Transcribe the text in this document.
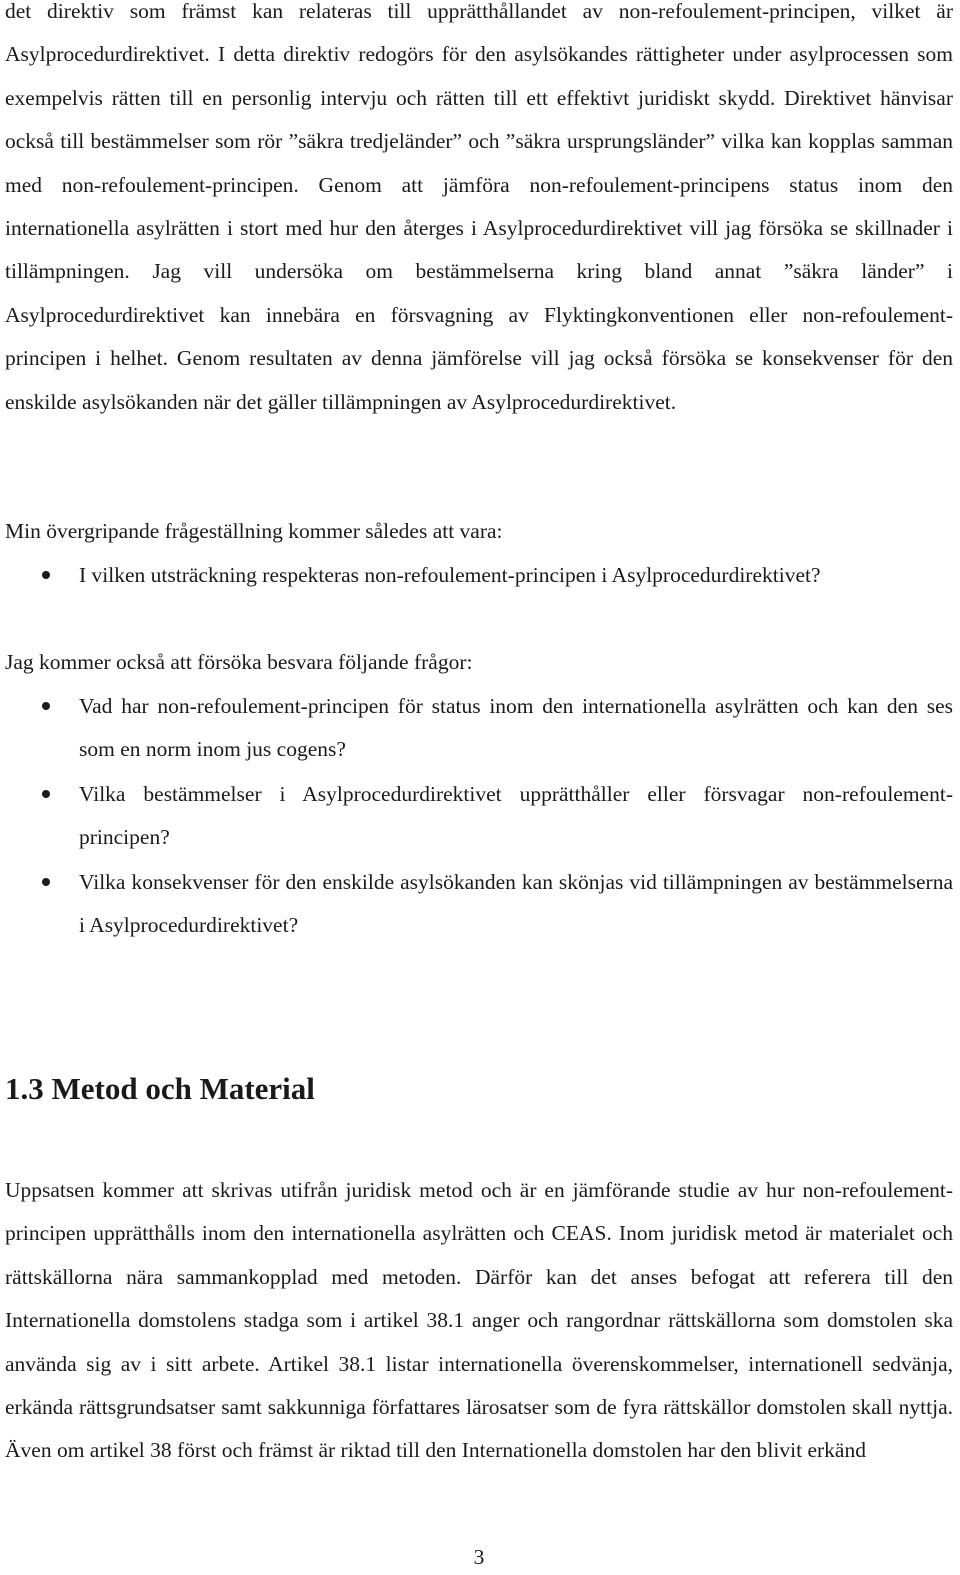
det direktiv som främst kan relateras till upprätthållandet av non-refoulement-principen, vilket är Asylprocedurdirektivet. I detta direktiv redogörs för den asylsökandes rättigheter under asylprocessen som exempelvis rätten till en personlig intervju och rätten till ett effektivt juridiskt skydd. Direktivet hänvisar också till bestämmelser som rör ”säkra tredjeländer” och ”säkra ursprungsländer” vilka kan kopplas samman med non-refoulement-principen. Genom att jämföra non-refoulement-principens status inom den internationella asylrätten i stort med hur den återges i Asylprocedurdirektivet vill jag försöka se skillnader i tillämpningen. Jag vill undersöka om bestämmelserna kring bland annat ”säkra länder” i Asylprocedurdirektivet kan innebära en försvagning av Flyktingkonventionen eller non-refoulement-principen i helhet. Genom resultaten av denna jämförelse vill jag också försöka se konsekvenser för den enskilde asylsökanden när det gäller tillämpningen av Asylprocedurdirektivet.

Min övergripande frågeställning kommer således att vara:

I vilken utsträckning respekteras non-refoulement-principen i Asylprocedurdirektivet?

Jag kommer också att försöka besvara följande frågor:

Vad har non-refoulement-principen för status inom den internationella asylrätten och kan den ses som en norm inom jus cogens?
Vilka bestämmelser i Asylprocedurdirektivet upprätthåller eller försvagar non-refoulement-principen?
Vilka konsekvenser för den enskilde asylsökanden kan skönjas vid tillämpningen av bestämmelserna i Asylprocedurdirektivet?
1.3 Metod och Material

Uppsatsen kommer att skrivas utifrån juridisk metod och är en jämförande studie av hur non-refoulement-principen upprätthålls inom den internationella asylrätten och CEAS. Inom juridisk metod är materialet och rättskällorna nära sammankopplad med metoden. Därför kan det anses befogat att referera till den Internationella domstolens stadga som i artikel 38.1 anger och rangordnar rättskällorna som domstolen ska använda sig av i sitt arbete. Artikel 38.1 listar internationella överenskommelser, internationell sedvänja, erkända rättsgrundsatser samt sakkunniga författares lärosatser som de fyra rättskällor domstolen skall nyttja. Även om artikel 38 först och främst är riktad till den Internationella domstolen har den blivit erkänd

3
